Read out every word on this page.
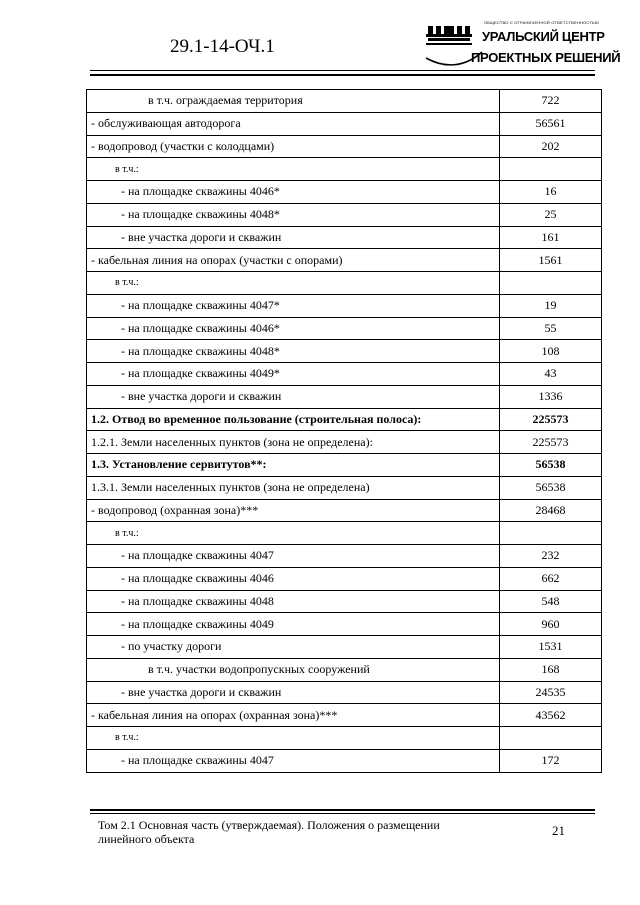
29.1-14-ОЧ.1
ОБЩЕСТВО С ОГРАНИЧЕННОЙ ОТВЕТСТВЕННОСТЬЮ
УРАЛЬСКИЙ ЦЕНТР
ПРОЕКТНЫХ РЕШЕНИЙ
в т.ч. ограждаемая территория	722
- обслуживающая автодорога	56561
- водопровод (участки с колодцами)	202
в т.ч.:	
- на площадке скважины 4046*	16
- на площадке скважины 4048*	25
- вне участка дороги и скважин	161
- кабельная линия на опорах (участки с опорами)	1561
в т.ч.:	
- на площадке скважины 4047*	19
- на площадке скважины 4046*	55
- на площадке скважины 4048*	108
- на площадке скважины 4049*	43
- вне участка дороги и скважин	1336
1.2. Отвод во временное пользование (строительная полоса):	225573
1.2.1. Земли населенных пунктов (зона не определена):	225573
1.3. Установление сервитутов**:	56538
1.3.1. Земли населенных пунктов (зона не определена)	56538
- водопровод (охранная зона)***	28468
в т.ч.:	
- на площадке скважины 4047	232
- на площадке скважины 4046	662
- на площадке скважины 4048	548
- на площадке скважины 4049	960
- по участку дороги	1531
в т.ч. участки водопропускных сооружений	168
- вне участка дороги и скважин	24535
- кабельная линия на опорах (охранная зона)***	43562
в т.ч.:	
- на площадке скважины 4047	172
Том 2.1 Основная часть (утверждаемая). Положения о размещении
линейного объекта
21
